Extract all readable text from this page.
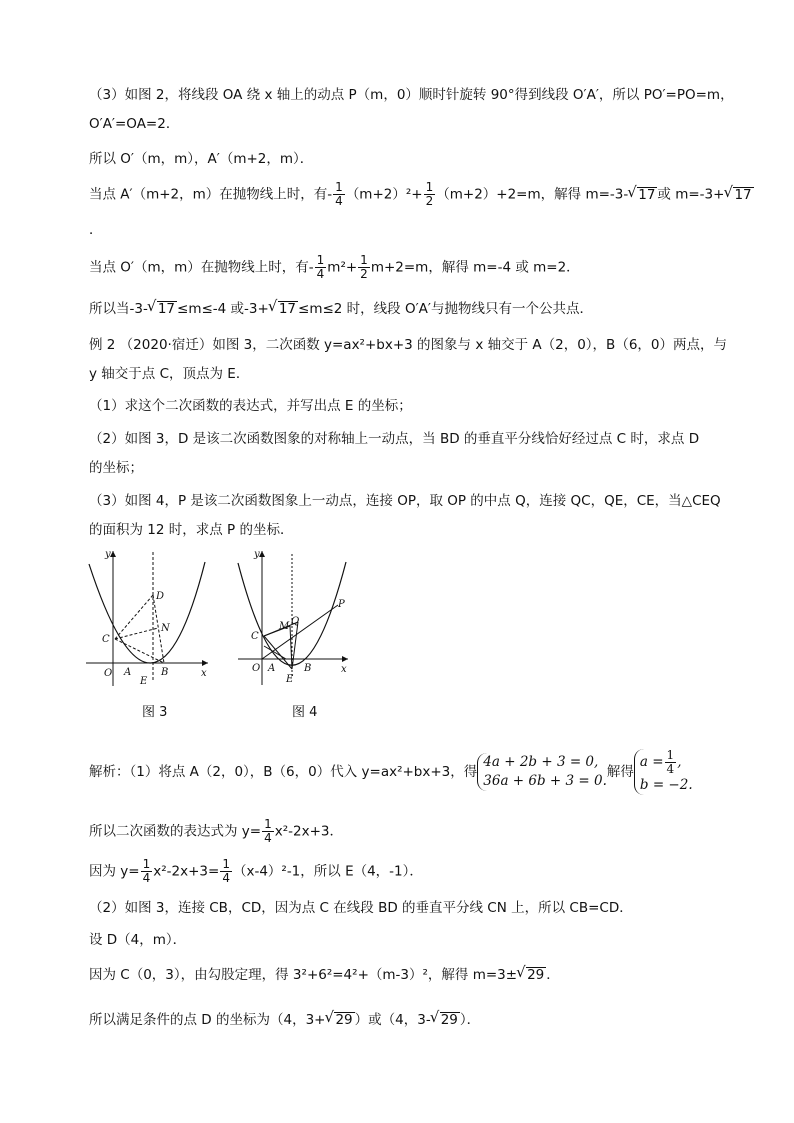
（3）如图 2，将线段 OA 绕 x 轴上的动点 P（m，0）顺时针旋转 90°得到线段 O′A′，所以 PO′=PO=m，
O′A′=OA=2．
所以 O′（m，m），A′（m+2，m）．
当点 A′（m+2，m）在抛物线上时，有- $\frac{1}{4} (m+2)^2+ \frac{1}{2} (m+2)+2=m$，解得 m=-3- √ 17 或 m=-3+ √ 17
．
当点 O′（m，m）在抛物线上时，有- $\frac{1}{4} m^2+ \frac{1}{2} m+2=m$，解得 m=-4 或 m=2．
所以当-3- √ 17 ≤m≤-4 或-3+ √ 17 ≤m≤2 时，线段 O′A′与抛物线只有一个公共点．
例 2 （2020·宿迁）如图 3，二次函数 y=ax²+bx+3 的图象与 x 轴交于 A（2，0），B（6，0）两点，与
y 轴交于点 C，顶点为 E．
（1）求这个二次函数的表达式，并写出点 E 的坐标；
（2）如图 3，D 是该二次函数图象的对称轴上一动点，当 BD 的垂直平分线恰好经过点 C 时，求点 D
的坐标；
（3）如图 4，P 是该二次函数图象上一动点，连接 OP，取 OP 的中点 Q，连接 QC，QE，CE，当△CEQ
的面积为 12 时，求点 P 的坐标．
y
x
O A	B
C
D
E
N
图 3
y
x
O A	B
C
E
M Q
P
图 4
解析：（1）将点 A（2，0），B（6，0）代入 y=ax²+bx+3，得
4a + 2b + 3 = 0,
36a + 6b + 3 = 0.
解得
$a = \frac{1}{4}$ ,
b = −2.
所以二次函数的表达式为 $y= \frac{1}{4} x^2-2x+3$．
因为 $y= \frac{1}{4} x^2-2x+3= \frac{1}{4} (x-4)^2-1$，所以 E（4，-1）．
（2）如图 3，连接 CB，CD，因为点 C 在线段 BD 的垂直平分线 CN 上，所以 CB=CD．
设 D（4，m）．
因为 C（0，3），由勾股定理，得 3²+6²=4²+（m-3）²，解得 m=3± √ 29 ．
所以满足条件的点 D 的坐标为（4，3+ √ 29 ）或（4，3- √ 29 ）．
